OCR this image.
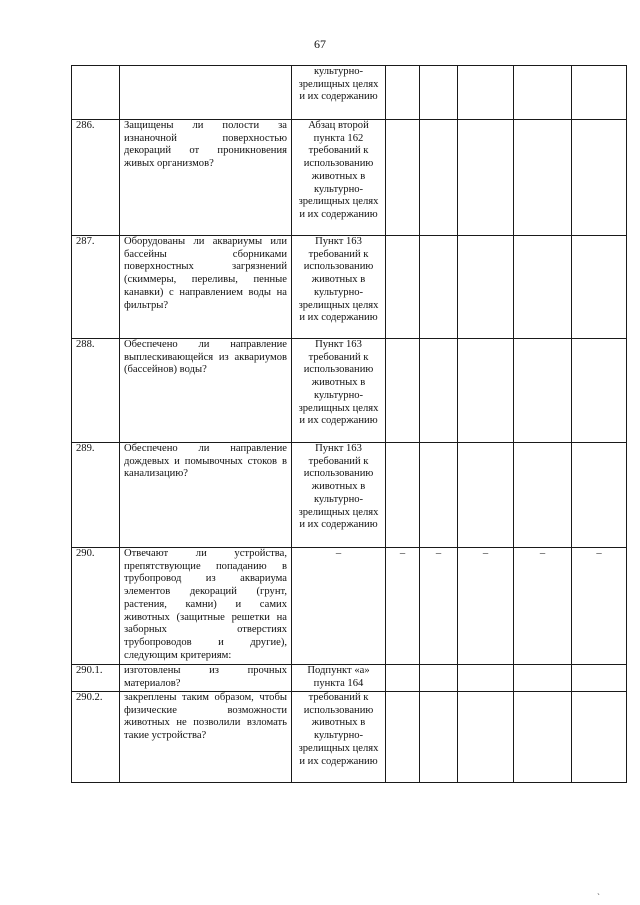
67
		культурно-зрелищных целях и их содержанию					
286.	Защищены ли полости за изнаночной поверхностью декораций от проникновения живых организмов?	Абзац второй пункта 162 требований к использованию животных в культурно-зрелищных целях и их содержанию					
287.	Оборудованы ли аквариумы или бассейны сборниками поверхностных загрязнений (скиммеры, переливы, пенные канавки) с направлением воды на фильтры?	Пункт 163 требований к использованию животных в культурно-зрелищных целях и их содержанию					
288.	Обеспечено ли направление выплескивающейся из аквариумов (бассейнов) воды?	Пункт 163 требований к использованию животных в культурно-зрелищных целях и их содержанию					
289.	Обеспечено ли направление дождевых и помывочных стоков в канализацию?	Пункт 163 требований к использованию животных в культурно-зрелищных целях и их содержанию					
290.	Отвечают ли устройства, препятствующие попаданию в трубопровод из аквариума элементов декораций (грунт, растения, камни) и самих животных (защитные решетки на заборных отверстиях трубопроводов и другие), следующим критериям:	–	–	–	–	–	–
290.1.	изготовлены из прочных материалов?	Подпункт «а» пункта 164					
290.2.	закреплены таким образом, чтобы физические возможности животных не позволили взломать такие устройства?	требований к использованию животных в культурно-зрелищных целях и их содержанию					
ˏ
